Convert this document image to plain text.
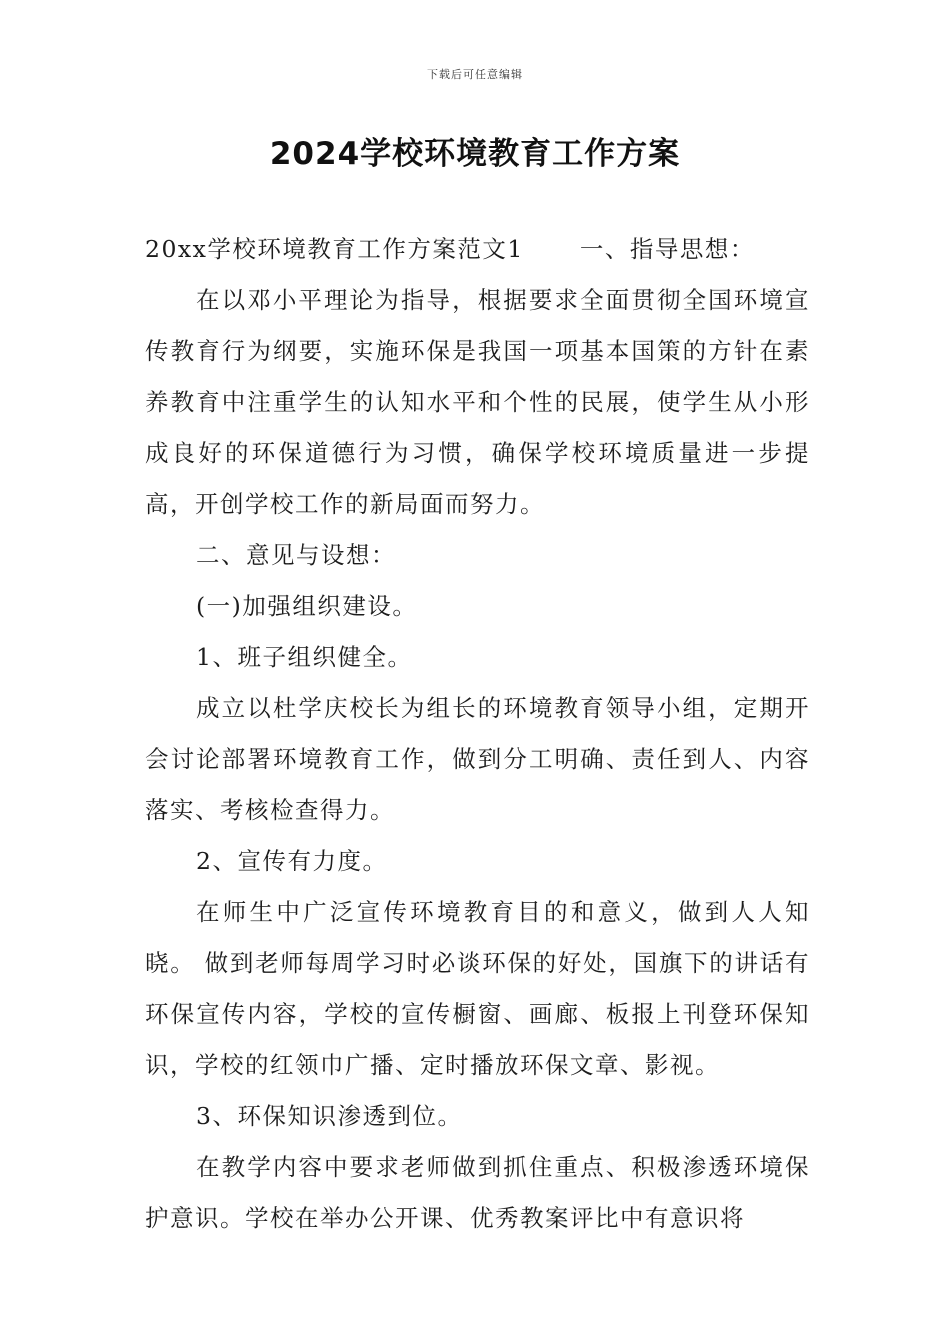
下载后可任意编辑
2024学校环境教育工作方案

20xx学校环境教育工作方案范文1 一、指导思想：

在以邓小平理论为指导，根据要求全面贯彻全国环境宣传教育行为纲要，实施环保是我国一项基本国策的方针在素养教育中注重学生的认知水平和个性的民展，使学生从小形成良好的环保道德行为习惯，确保学校环境质量进一步提高，开创学校工作的新局面而努力。

二、意见与设想：

(一)加强组织建设。

1、班子组织健全。

成立以杜学庆校长为组长的环境教育领导小组，定期开会讨论部署环境教育工作，做到分工明确、责任到人、内容落实、考核检查得力。

2、宣传有力度。

在师生中广泛宣传环境教育目的和意义，做到人人知晓。 做到老师每周学习时必谈环保的好处，国旗下的讲话有环保宣传内容，学校的宣传橱窗、画廊、板报上刊登环保知识，学校的红领巾广播、定时播放环保文章、影视。

3、环保知识渗透到位。

在教学内容中要求老师做到抓住重点、积极渗透环境保护意识。学校在举办公开课、优秀教案评比中有意识将
